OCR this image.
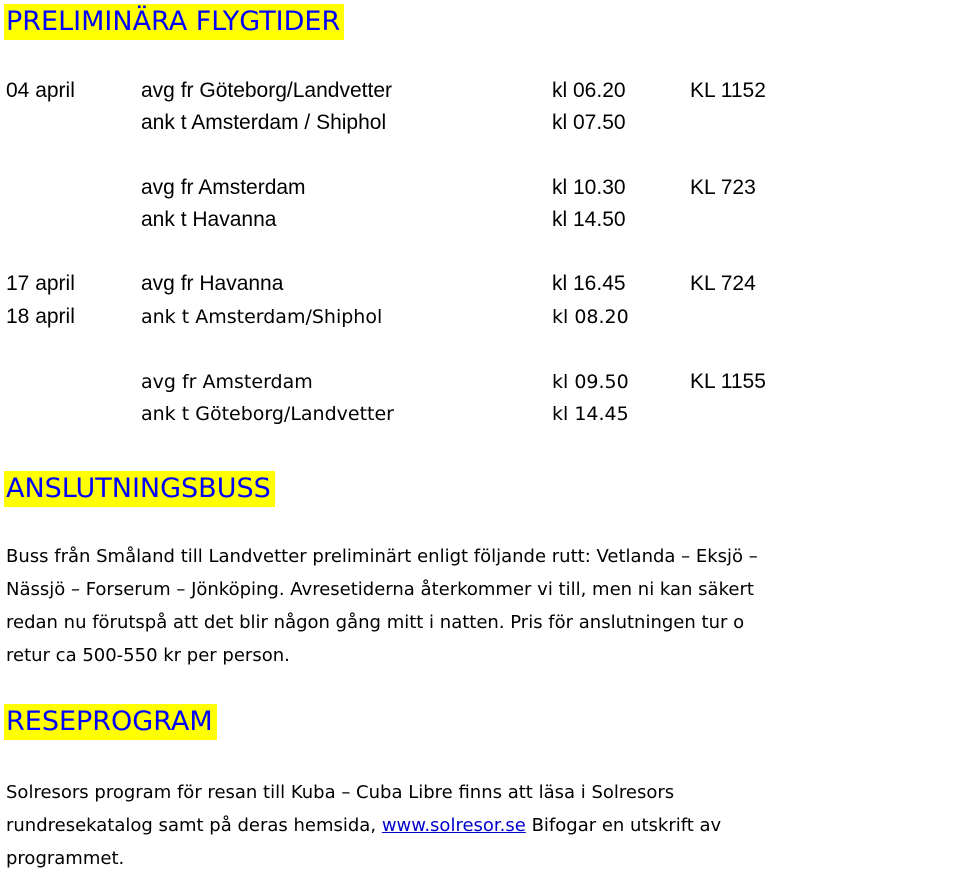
PRELIMINÄRA FLYGTIDER
04 april	avg fr Göteborg/Landvetter	kl 06.20	KL 1152
ank t Amsterdam / Shiphol	kl 07.50
avg fr Amsterdam	kl 10.30	KL 723
ank t Havanna	kl 14.50
17 april	avg fr Havanna	kl 16.45	KL 724
18 april	ank t Amsterdam/Shiphol	kl 08.20
avg fr Amsterdam	kl 09.50	KL 1155
ank t Göteborg/Landvetter	kl 14.45
ANSLUTNINGSBUSS
Buss från Småland till Landvetter preliminärt enligt följande rutt: Vetlanda – Eksjö –
Nässjö – Forserum – Jönköping. Avresetiderna återkommer vi till, men ni kan säkert
redan nu förutspå att det blir någon gång mitt i natten. Pris för anslutningen tur o
retur ca 500-550 kr per person.
RESEPROGRAM
Solresors program för resan till Kuba – Cuba Libre finns att läsa i Solresors
rundresekatalog samt på deras hemsida, www.solresor.se Bifogar en utskrift av
programmet.
